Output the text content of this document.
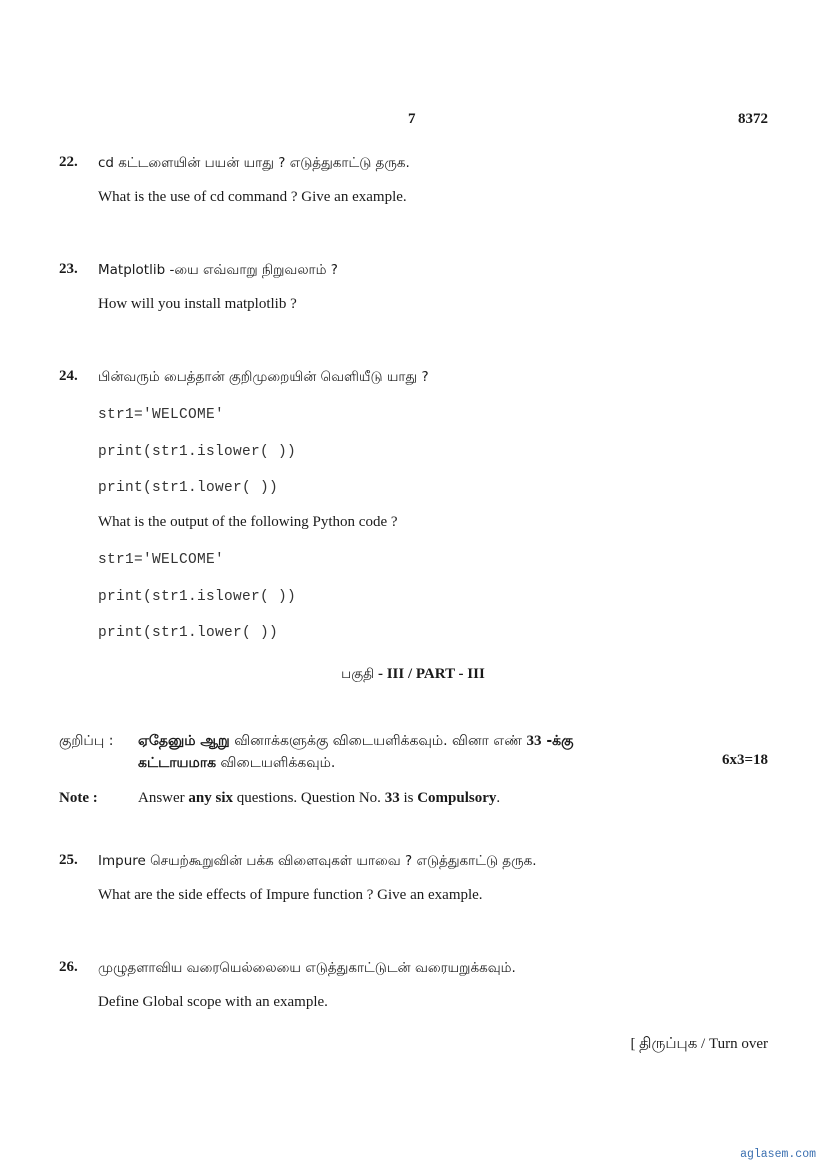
7	8372
22. cd கட்டளையின் பயன் யாது ? எடுத்துகாட்டு தருக.
What is the use of cd command ? Give an example.
23. Matplotlib -யை எவ்வாறு நிறுவலாம் ?
How will you install matplotlib ?
24. பின்வரும் பைத்தான் குறிமுறையின் வெளியீடு யாது ?
str1='WELCOME'
print(str1.islower( ))
print(str1.lower( ))
What is the output of the following Python code ?
str1='WELCOME'
print(str1.islower( ))
print(str1.lower( ))
பகுதி - III / PART - III
குறிப்பு : ஏதேனும் ஆறு வினாக்களுக்கு விடையளிக்கவும். வினா எண் 33 -க்கு
கட்டாயமாக விடையளிக்கவும்.	6x3=18
Note :	Answer any six questions. Question No. 33 is Compulsory.
25. Impure செயற்கூறுவின் பக்க விளைவுகள் யாவை ? எடுத்துகாட்டு தருக.
What are the side effects of Impure function ? Give an example.
26. முழுதளாவிய வரையெல்லையை எடுத்துகாட்டுடன் வரையறுக்கவும்.
Define Global scope with an example.
[ திருப்புக / Turn over
aglasem.com
